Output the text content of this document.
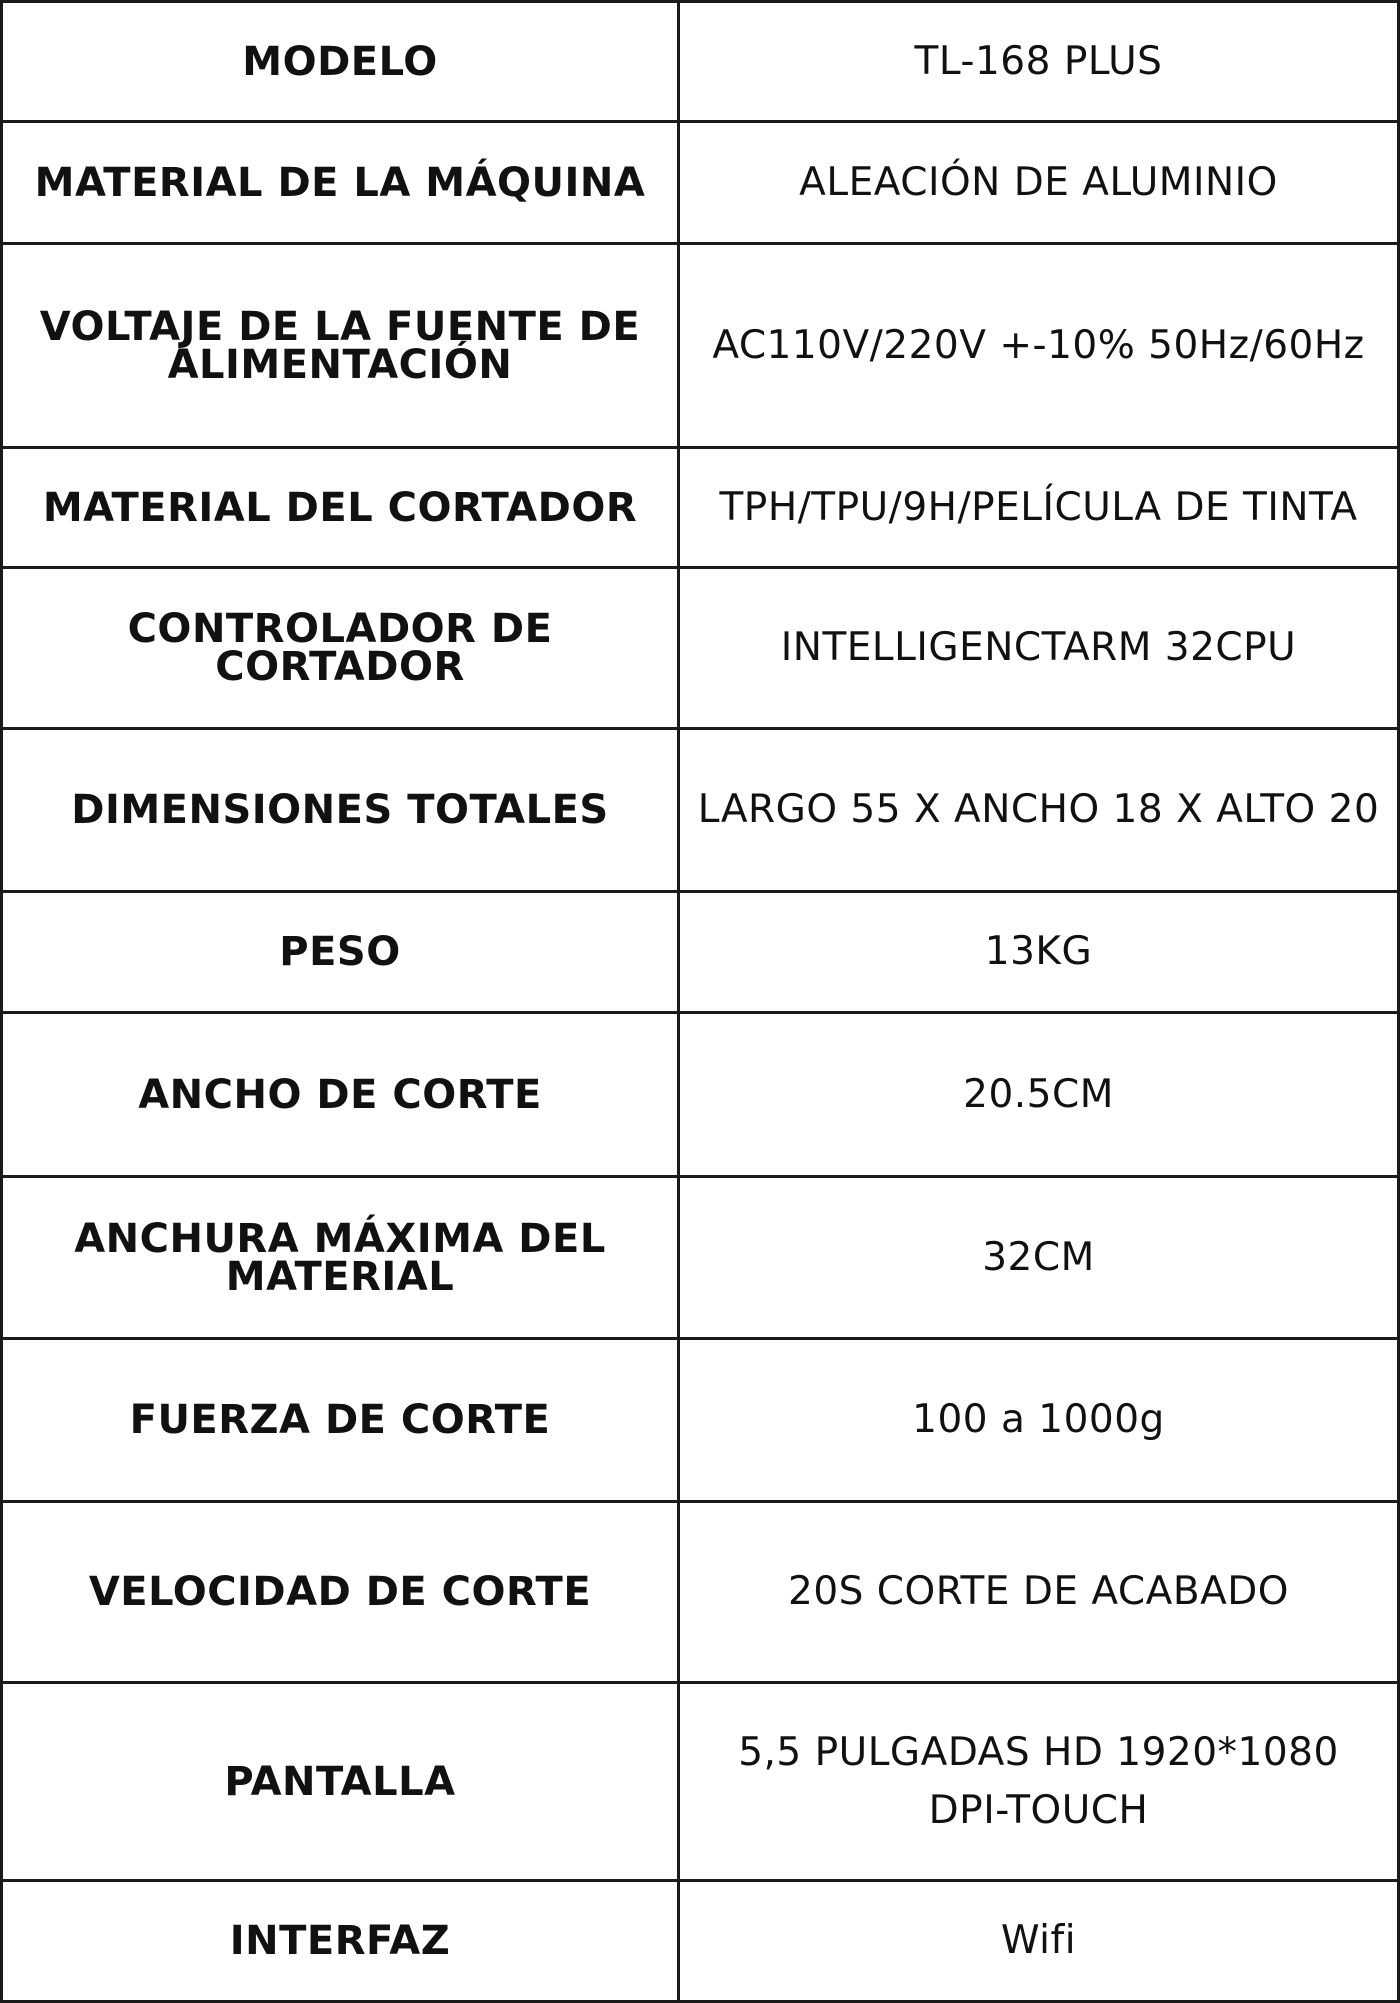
MODELO	TL-168 PLUS
MATERIAL DE LA MÁQUINA	ALEACIÓN DE ALUMINIO
VOLTAJE DE LA FUENTE DE ALIMENTACIÓN	AC110V/220V +-10% 50Hz/60Hz
MATERIAL DEL CORTADOR	TPH/TPU/9H/PELÍCULA DE TINTA
CONTROLADOR DE CORTADOR	INTELLIGENCTARM 32CPU
DIMENSIONES TOTALES	LARGO 55 X ANCHO 18 X ALTO 20
PESO	13KG
ANCHO DE CORTE	20.5CM
ANCHURA MÁXIMA DEL MATERIAL	32CM
FUERZA DE CORTE	100 a 1000g
VELOCIDAD DE CORTE	20S CORTE DE ACABADO
PANTALLA	5,5 PULGADAS HD 1920*1080 DPI-TOUCH
INTERFAZ	Wifi
